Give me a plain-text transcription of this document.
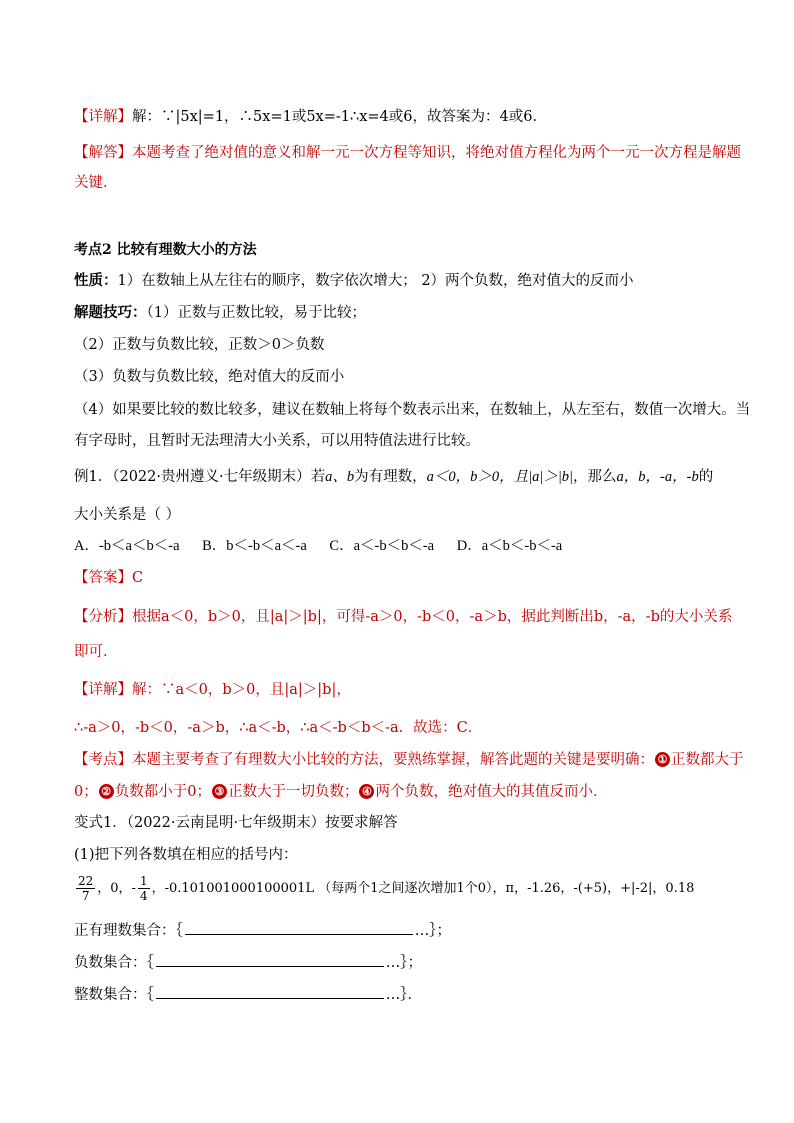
【详解】解：∵|5x|=1，∴5x=1或5x=-1∴x=4或6，故答案为：4或6．
【解答】本题考查了绝对值的意义和解一元一次方程等知识，将绝对值方程化为两个一元一次方程是解题
关键．
考点2 比较有理数大小的方法
性质：1）在数轴上从左往右的顺序，数字依次增大； 2）两个负数，绝对值大的反而小
解题技巧：（1）正数与正数比较，易于比较；
（2）正数与负数比较，正数＞0＞负数
（3）负数与负数比较，绝对值大的反而小
（4）如果要比较的数比较多，建议在数轴上将每个数表示出来，在数轴上，从左至右，数值一次增大。当
有字母时，且暂时无法理清大小关系，可以用特值法进行比较。
例1．（2022·贵州遵义·七年级期末）若a、b为有理数，a＜0，b＞0，且|a|＞|b|，那么a，b，-a，-b的
大小关系是（ ）
A．-b＜a＜b＜-a B．b＜-b＜a＜-a C．a＜-b＜b＜-a D．a＜b＜-b＜-a
【答案】C
【分析】根据a＜0，b＞0，且|a|＞|b|，可得-a＞0，-b＜0，-a＞b，据此判断出b，-a，-b的大小关系
即可．
【详解】解：∵a＜0，b＞0，且|a|＞|b|，
∴-a＞0，-b＜0，-a＞b，∴a＜-b，∴a＜-b＜b＜-a．故选：C．
【考点】本题主要考查了有理数大小比较的方法，要熟练掌握，解答此题的关键是要明确： ① 正数都大于
0； ② 负数都小于0； ③ 正数大于一切负数； ④ 两个负数，绝对值大的其值反而小．
变式1．（2022·云南昆明·七年级期末）按要求解答
(1)把下列各数填在相应的括号内：
$\frac{22}{7}$ ，0，- $\frac{1}{4}$ ，-0.101001000100001L （每两个1之间逐次增加1个0），π，-1.26，-(+5)，+|-2|，0.18
正有理数集合：｛	…｝；
负数集合：｛	…｝；
整数集合：｛	…｝．
